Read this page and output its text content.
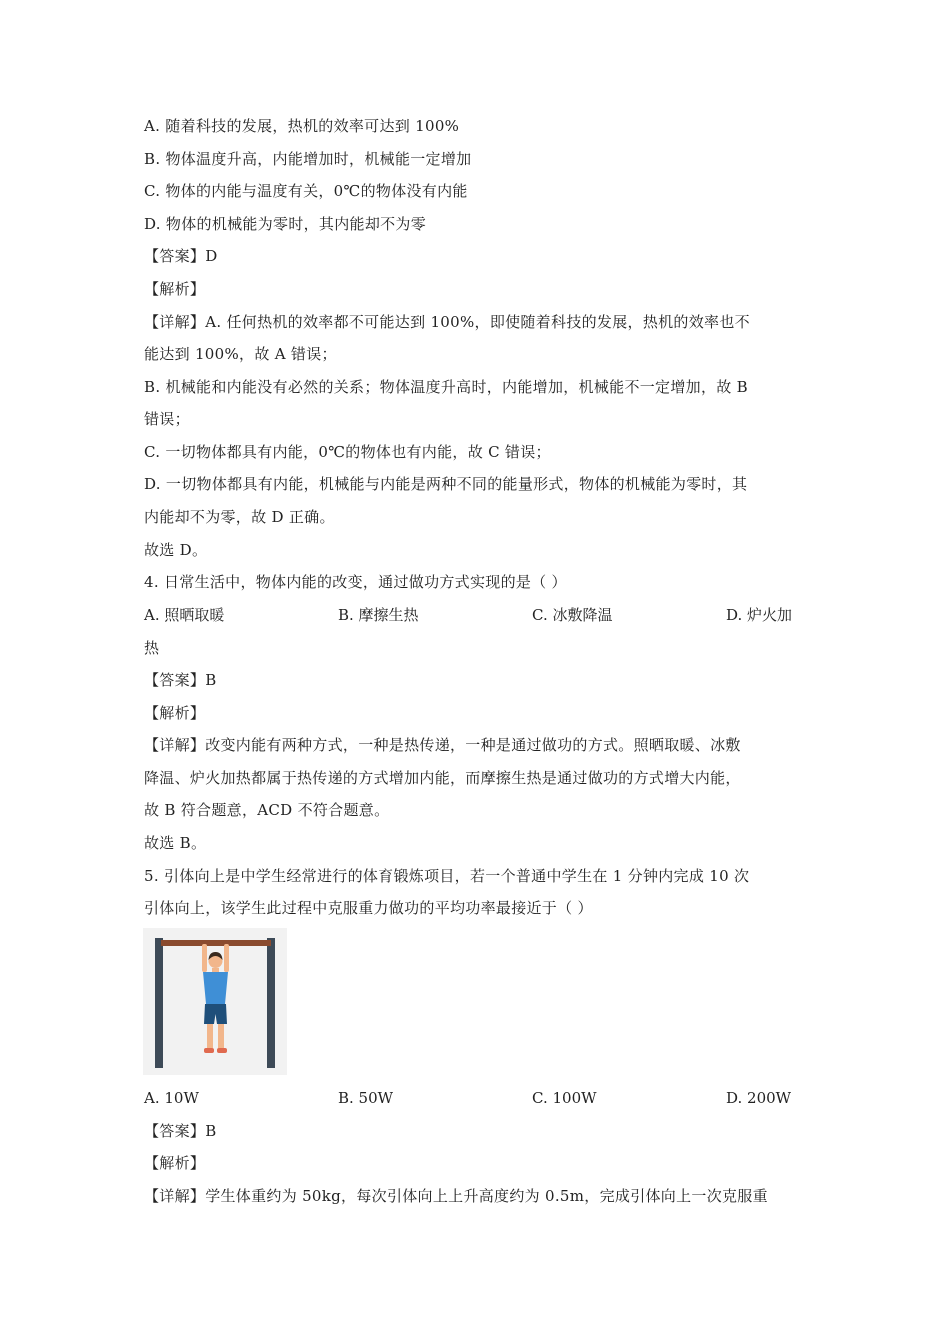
A. 随着科技的发展，热机的效率可达到 100%
B. 物体温度升高，内能增加时，机械能一定增加
C. 物体的内能与温度有关，0℃的物体没有内能
D. 物体的机械能为零时，其内能却不为零
【答案】D
【解析】
【详解】A. 任何热机的效率都不可能达到 100%，即使随着科技的发展，热机的效率也不
能达到 100%，故 A 错误；
B. 机械能和内能没有必然的关系；物体温度升高时，内能增加，机械能不一定增加，故 B
错误；
C. 一切物体都具有内能，0℃的物体也有内能，故 C 错误；
D. 一切物体都具有内能，机械能与内能是两种不同的能量形式，物体的机械能为零时，其
内能却不为零，故 D 正确。
故选 D。
4. 日常生活中，物体内能的改变，通过做功方式实现的是（ ）
A. 照晒取暖	B. 摩擦生热	C. 冰敷降温	D. 炉火加
热
【答案】B
【解析】
【详解】改变内能有两种方式，一种是热传递，一种是通过做功的方式。照晒取暖、冰敷
降温、炉火加热都属于热传递的方式增加内能，而摩擦生热是通过做功的方式增大内能，
故 B 符合题意，ACD 不符合题意。
故选 B。
5. 引体向上是中学生经常进行的体育锻炼项目，若一个普通中学生在 1 分钟内完成 10 次
引体向上，该学生此过程中克服重力做功的平均功率最接近于（ ）
A. 10W	B. 50W	C. 100W	D. 200W
【答案】B
【解析】
【详解】学生体重约为 50kg，每次引体向上上升高度约为 0.5m，完成引体向上一次克服重
